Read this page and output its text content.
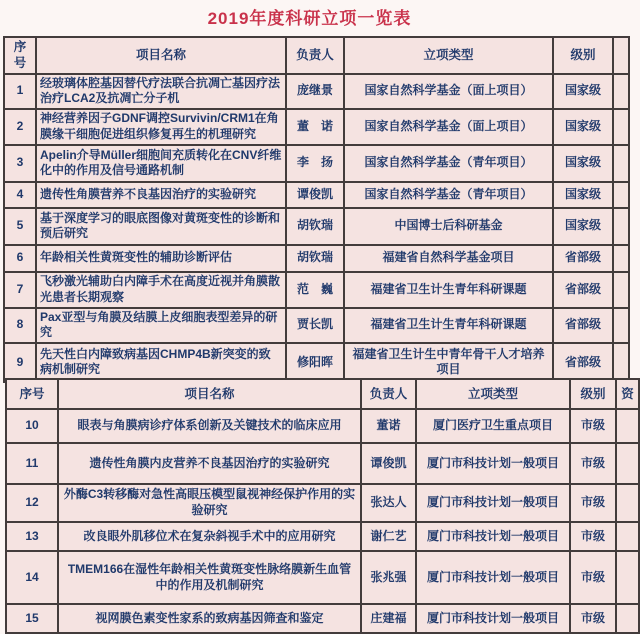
2019年度科研立项一览表
序号	项目名称	负责人	立项类型	级别	
1	经玻璃体腔基因替代疗法联合抗凋亡基因疗法治疗LCA2及抗凋亡分子机	庞继景	国家自然科学基金（面上项目）	国家级	
2	神经营养因子GDNF调控Survivin/CRM1在角膜缘干细胞促进组织修复再生的机理研究	董　诺	国家自然科学基金（面上项目）	国家级	
3	Apelin介导Müller细胞间充质转化在CNV纤维化中的作用及信号通路机制	李　扬	国家自然科学基金（青年项目）	国家级	
4	遗传性角膜营养不良基因治疗的实验研究	谭俊凯	国家自然科学基金（青年项目）	国家级	
5	基于深度学习的眼底图像对黄斑变性的诊断和预后研究	胡钦瑞	中国博士后科研基金	国家级	
6	年龄相关性黄斑变性的辅助诊断评估	胡钦瑞	福建省自然科学基金项目	省部级	
7	飞秒激光辅助白内障手术在高度近视并角膜散光患者长期观察	范　巍	福建省卫生计生青年科研课题	省部级	
8	Pax亚型与角膜及结膜上皮细胞表型差异的研究	贾长凯	福建省卫生计生青年科研课题	省部级	
9	先天性白内障致病基因CHMP4B新突变的致病机制研究	修阳晖	福建省卫生计生中青年骨干人才培养项目	省部级	
序号	项目名称	负责人	立项类型	级别	资
10	眼表与角膜病诊疗体系创新及关键技术的临床应用	董诺	厦门医疗卫生重点项目	市级	
11	遗传性角膜内皮营养不良基因治疗的实验研究	谭俊凯	厦门市科技计划一般项目	市级	
12	外酶C3转移酶对急性高眼压模型鼠视神经保护作用的实验研究	张达人	厦门市科技计划一般项目	市级	
13	改良眼外肌移位术在复杂斜视手术中的应用研究	谢仁艺	厦门市科技计划一般项目	市级	
14	TMEM166在湿性年龄相关性黄斑变性脉络膜新生血管中的作用及机制研究	张兆强	厦门市科技计划一般项目	市级	
15	视网膜色素变性家系的致病基因筛查和鉴定	庄建福	厦门市科技计划一般项目	市级	
